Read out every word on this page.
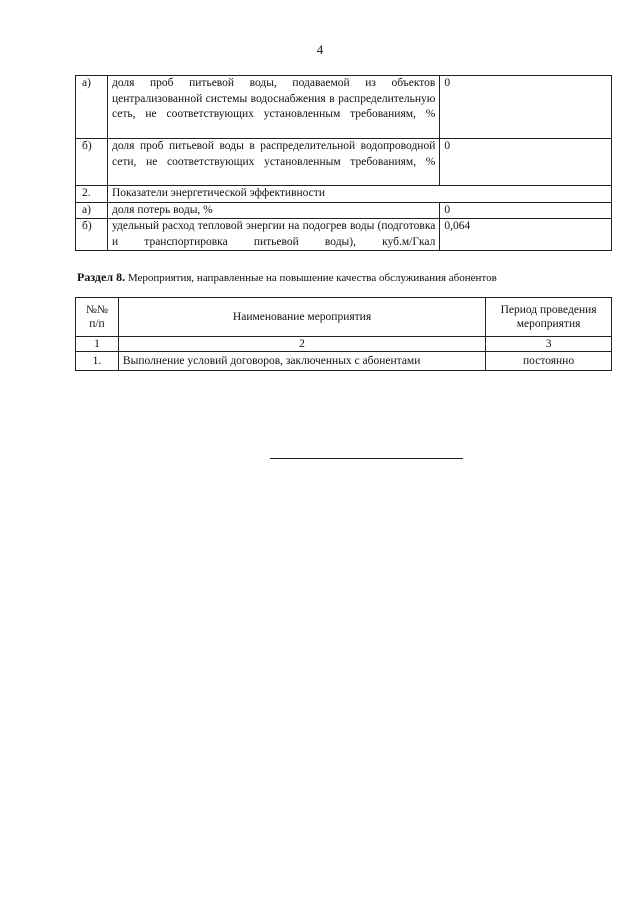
4
а)	доля проб питьевой воды, подаваемой из объектов централизованной системы водоснабжения в распределительную сеть, не соответствующих установленным требованиям, %	0
б)	доля проб питьевой воды в распределительной водопроводной сети, не соответствующих установленным требованиям, %	0
2.	Показатели энергетической эффективности	
а)	доля потерь воды, %	0
б)	удельный расход тепловой энергии на подогрев воды (подготовка и транспортировка питьевой воды), куб.м/Гкал	0,064
Раздел 8. Мероприятия, направленные на повышение качества обслуживания абонентов
№№ п/п	Наименование мероприятия	Период проведения мероприятия
1	2	3
1.	Выполнение условий договоров, заключенных с абонентами	постоянно
